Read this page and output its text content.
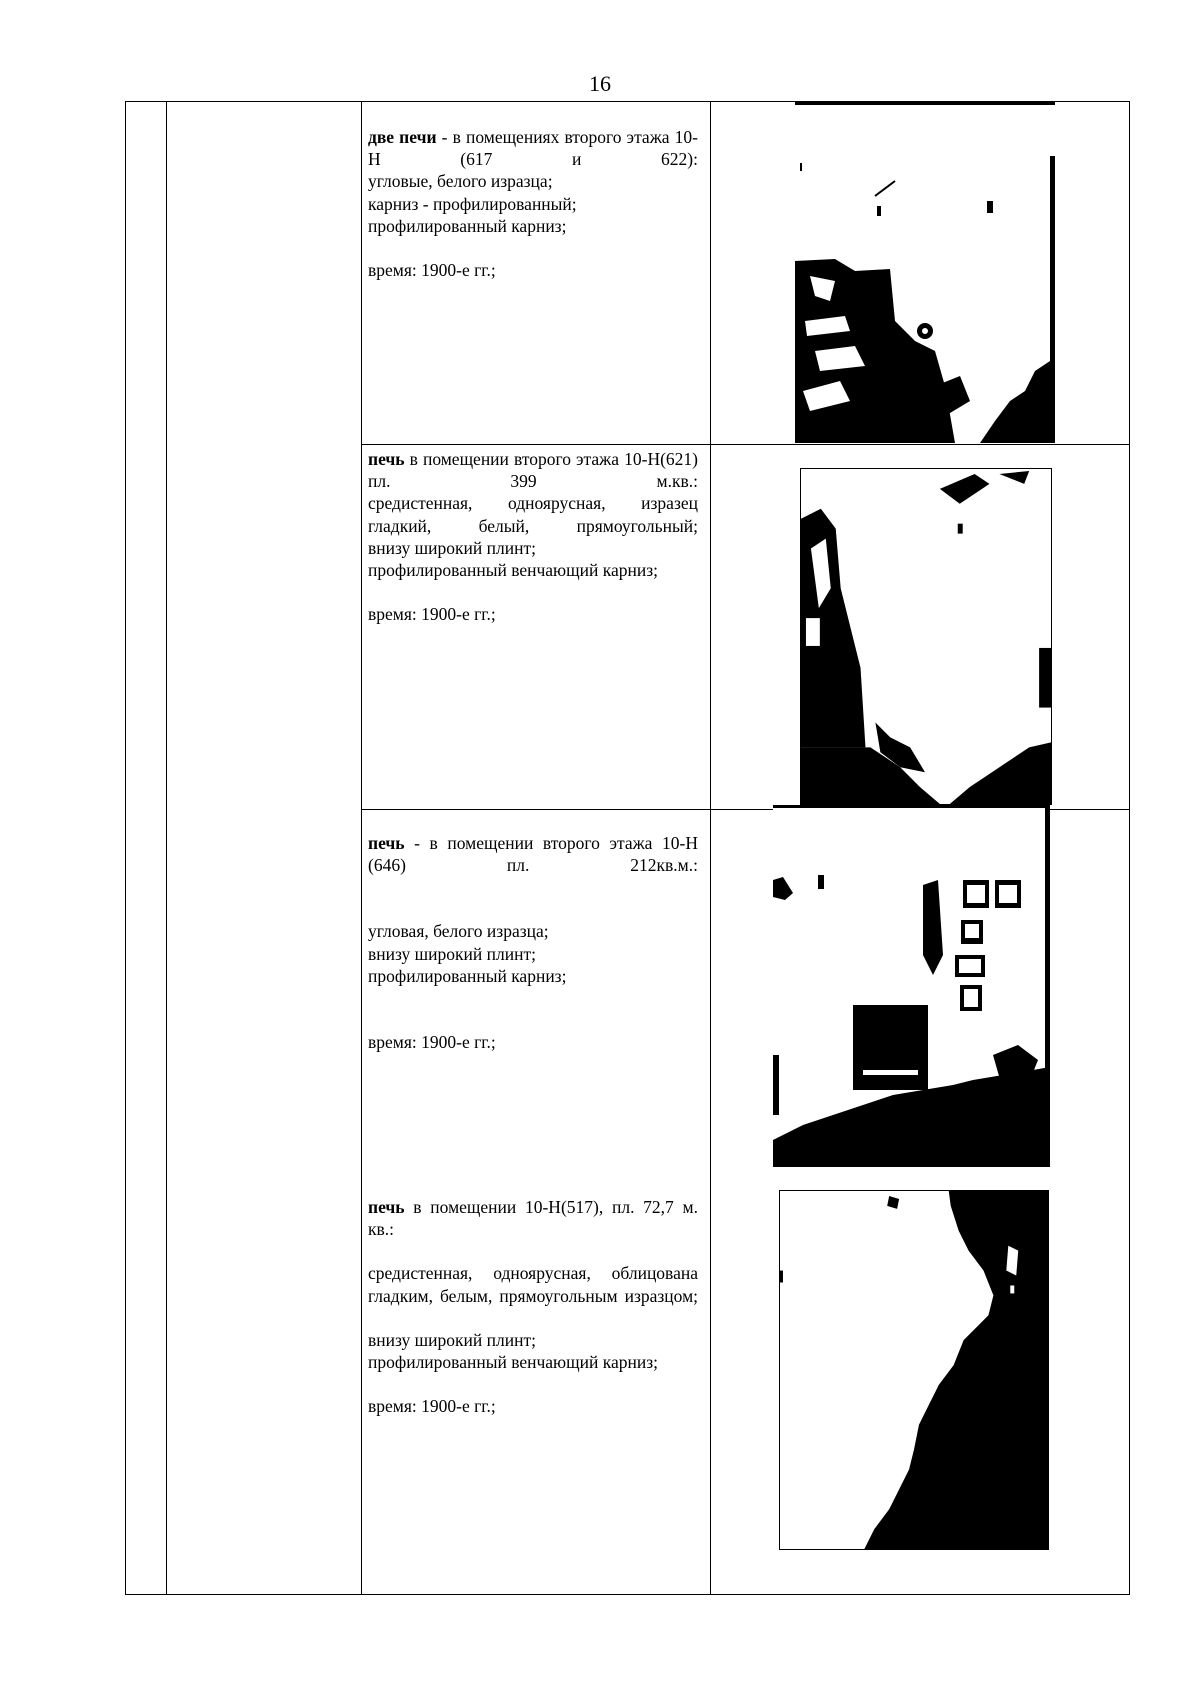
16

две печи - в помещениях второго этажа 10-Н (617 и 622):

угловые, белого изразца;

карниз - профилированный;

профилированный карниз;

время: 1900-е гг.;

печь в помещении второго этажа 10-Н(621) пл. 399 м.кв.:

средистенная, одноярусная, изразец гладкий, белый, прямоугольный;

внизу широкий плинт;

профилированный венчающий карниз;

время: 1900-е гг.;

печь - в помещении второго этажа 10-Н (646) пл. 212кв.м.:

угловая, белого изразца;

внизу широкий плинт;

профилированный карниз;

время: 1900-е гг.;

печь в помещении 10-Н(517), пл. 72,7 м. кв.:

средистенная, одноярусная, облицована гладким, белым, прямоугольным изразцом;

внизу широкий плинт;

профилированный венчающий карниз;

время: 1900-е гг.;
